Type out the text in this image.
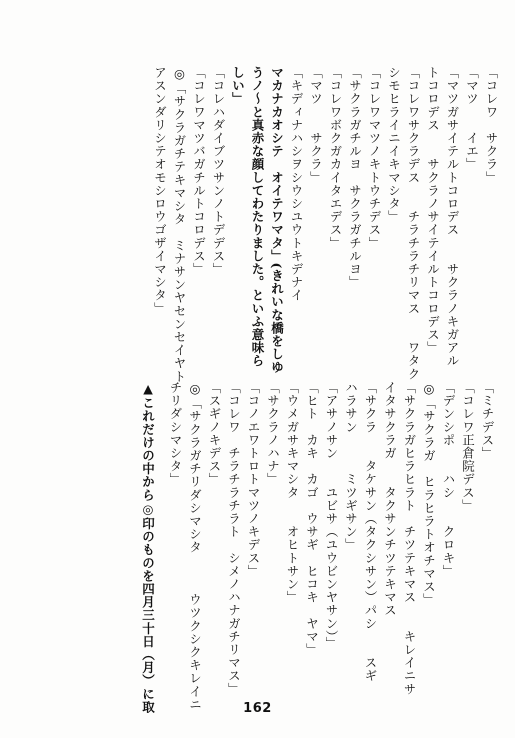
「コレワ　サクラ」
「マツ　　イエ」
「マツガサイテルトコロデス　　サクラノキガアル
トコロデス　　サクラノサイテイルトコロデス」
「コレワサクラデス　　チラチラチリマス　　ワタク
シモヒライニイキマシタ」
「コレワマツノキトウチデス」
「サクラガチルヨ　サクラガチルヨ」
「コレワボクガカイタエデス」
「マツ　　サクラ」
「キディナハシヲシウシユウトキデナイ
マカナカオシテ　オイテワマタ」(きれいな橋をしゆ
うノ〜と真赤な顔してわたりました。といふ意味ら
しい」
「コレハダイブツサンノトデデス」
「コレワマツバガチルトコロデス」
◎「サクラガチテキマシタ　ミナサンヤセンセイヤト
アスンダリシテオモシロウゴザイマシタ」
「ミチデス」
「コレワ正倉院デス」
「デンシポ　　ハシ　　クロキ」
◎「サクラガ　ヒラヒラトオチマス」
「サクラガヒラヒラト　チツテキマス　　キレイニサ
イタサクラガ　　タクサンチツテキマス
「サクラ　　タケサン（タクシサン）パシ　　スギ
ハラサン　　　ミツギサン」
「アサノサン　　ユビサ（ユウビンヤサン）」
「ヒト　カキ　カゴ　ウサギ　ヒコキ　ヤマ」
「ウメガサキマシタ　　オヒトサン」
「サクラノハナ」
「コノエワトロトマツノキデス」
「コレワ　チラチラチラト　シメノハナガチリマス」
「スギノキデス」
◎「サクラガチリダシマシタ　　　ウツクシクキレイニ
チリダシマシタ」
▲これだけの中から◎印のものを四月三十日（月）に取	162
